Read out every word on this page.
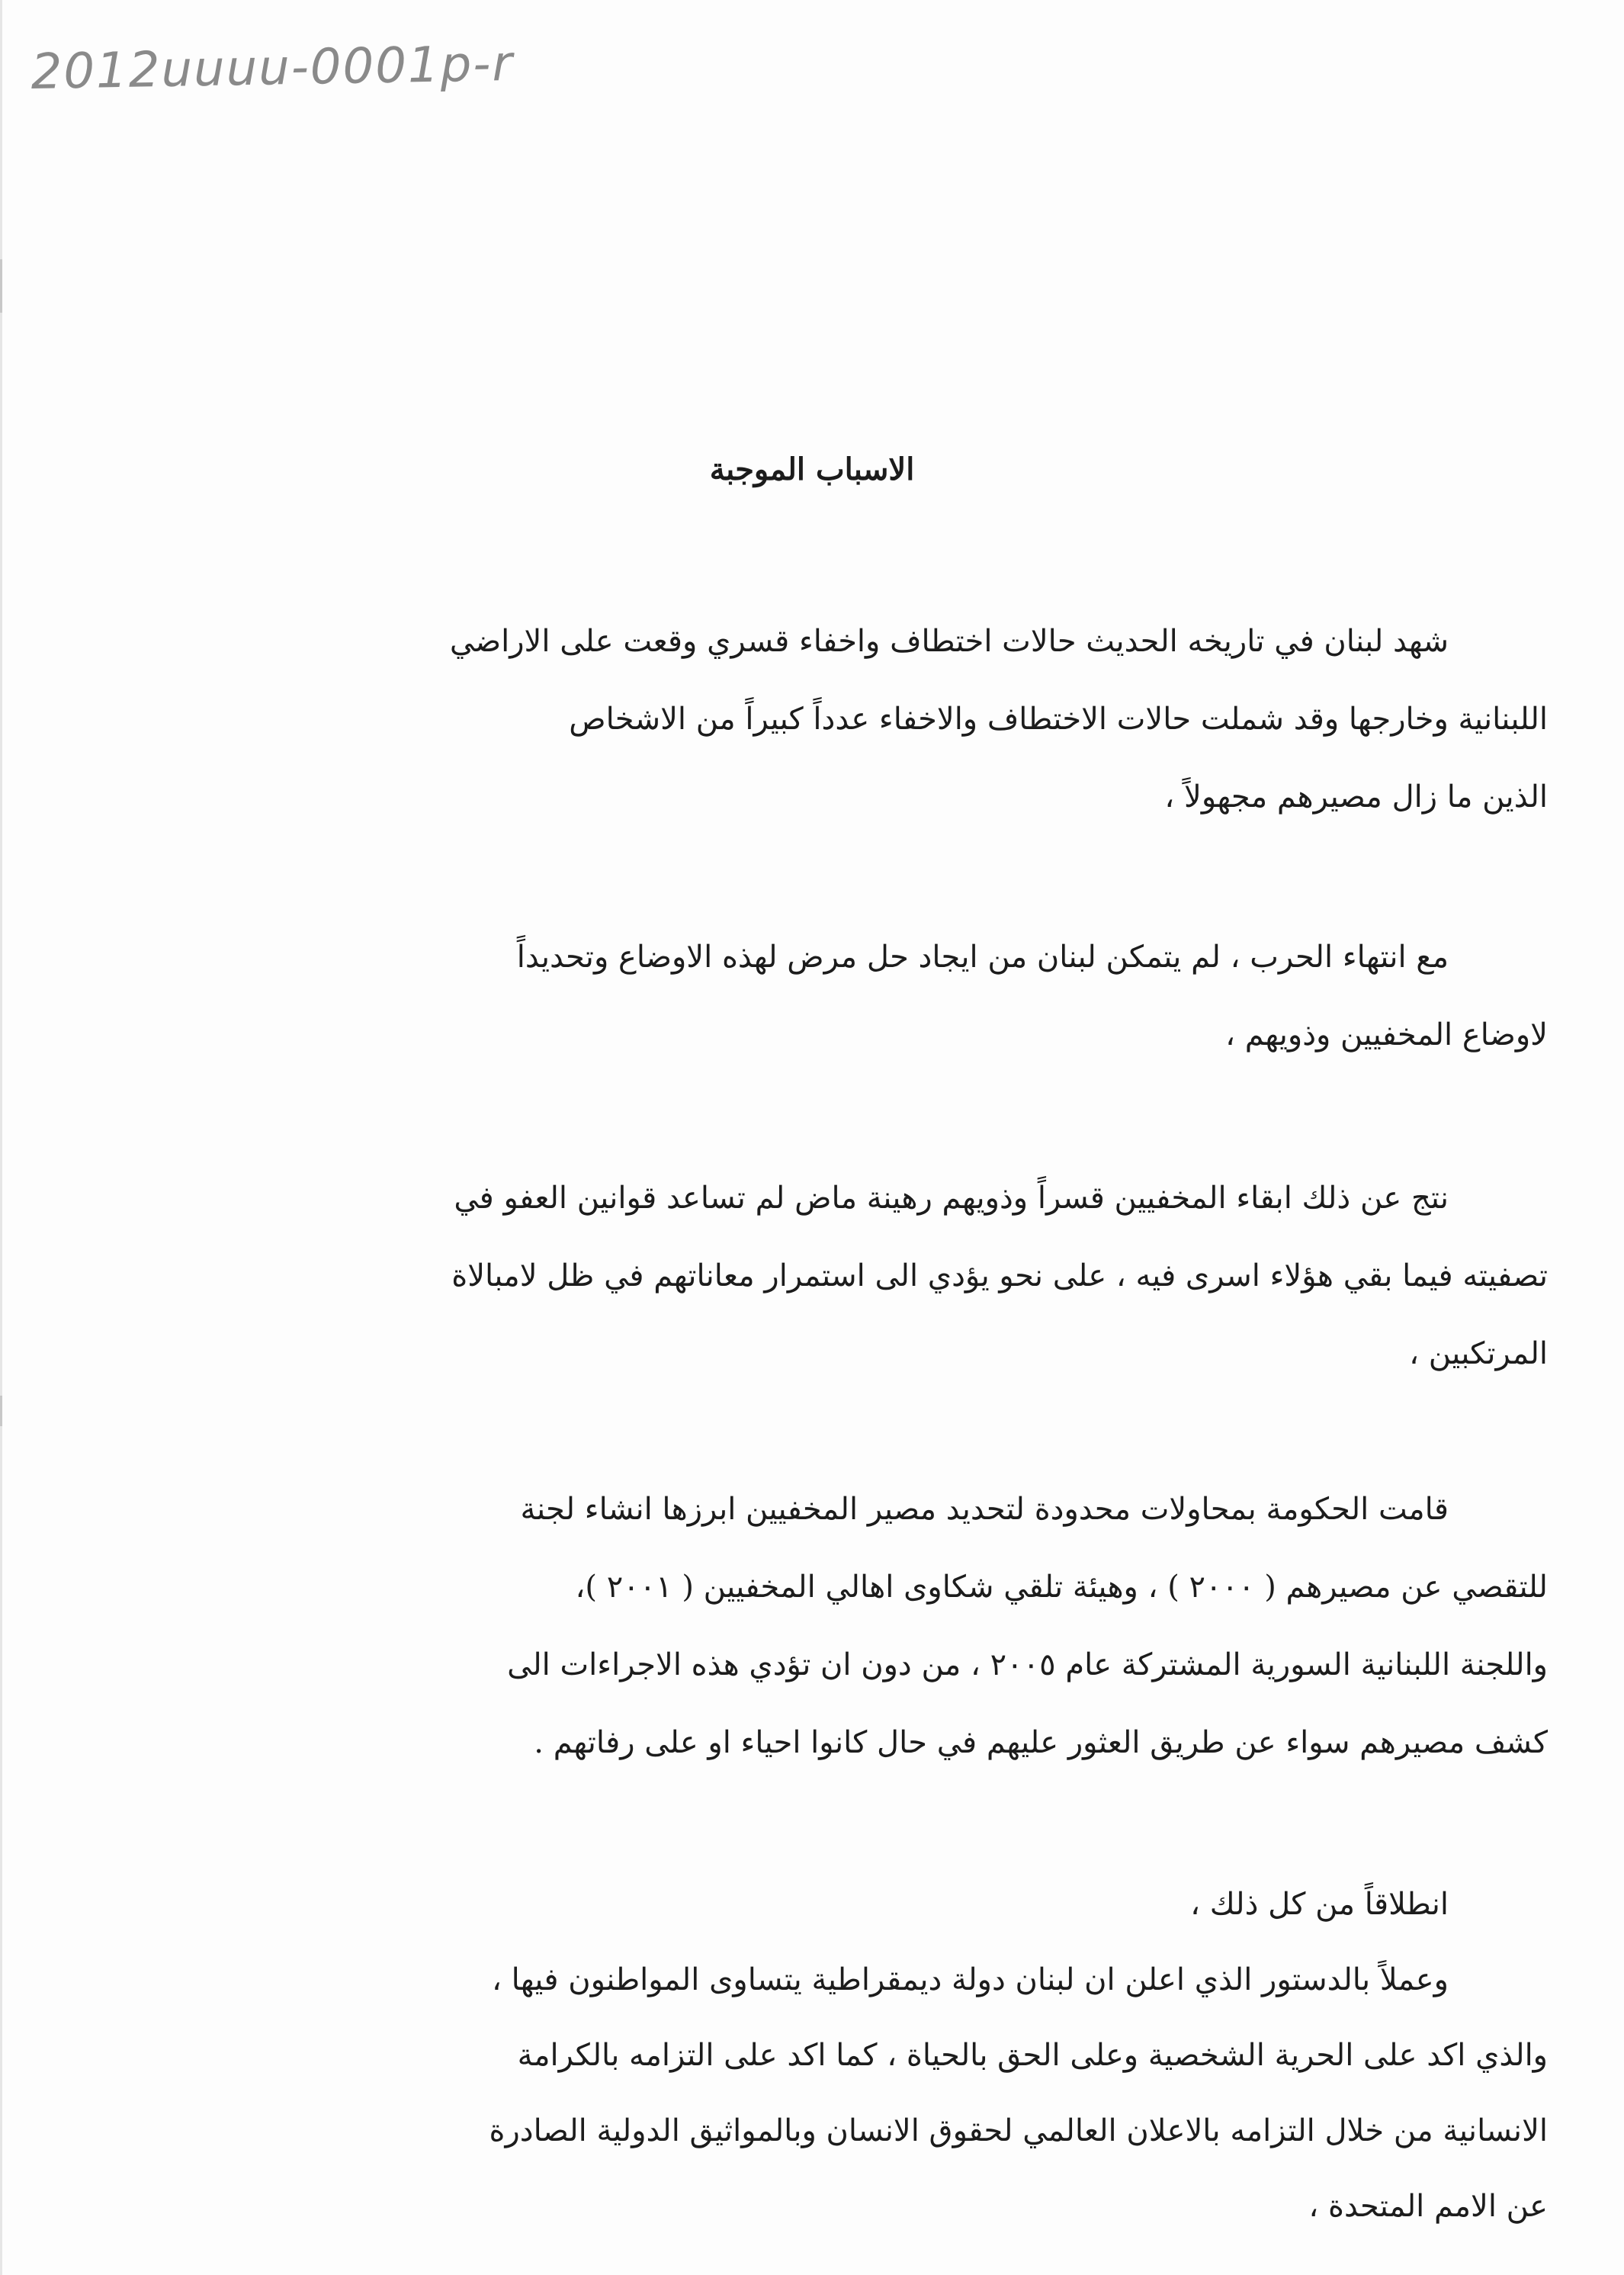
2012uuuu-0001p-r
الاسباب الموجبة
شهد لبنان في تاريخه الحديث حالات اختطاف واخفاء قسري وقعت على الاراضي
اللبنانية وخارجها وقد شملت حالات الاختطاف والاخفاء عدداً كبيراً من الاشخاص
الذين ما زال مصيرهم مجهولاً ،
مع انتهاء الحرب ، لم يتمكن لبنان من ايجاد حل مرض لهذه الاوضاع وتحديداً
لاوضاع المخفيين وذويهم ،
نتج عن ذلك ابقاء المخفيين قسراً وذويهم رهينة ماض لم تساعد قوانين العفو في
تصفيته فيما بقي هؤلاء اسرى فيه ، على نحو يؤدي الى استمرار معاناتهم في ظل لامبالاة
المرتكبين ،
قامت الحكومة بمحاولات محدودة لتحديد مصير المخفيين ابرزها انشاء لجنة
للتقصي عن مصيرهم ( ٢٠٠٠ ) ، وهيئة تلقي شكاوى اهالي المخفيين ( ٢٠٠١ )،
واللجنة اللبنانية السورية المشتركة عام ٢٠٠٥ ، من دون ان تؤدي هذه الاجراءات الى
كشف مصيرهم سواء عن طريق العثور عليهم في حال كانوا احياء او على رفاتهم .
انطلاقاً من كل ذلك ،
وعملاً بالدستور الذي اعلن ان لبنان دولة ديمقراطية يتساوى المواطنون فيها ،
والذي اكد على الحرية الشخصية وعلى الحق بالحياة ، كما اكد على التزامه بالكرامة
الانسانية من خلال التزامه بالاعلان العالمي لحقوق الانسان وبالمواثيق الدولية الصادرة
عن الامم المتحدة ،
